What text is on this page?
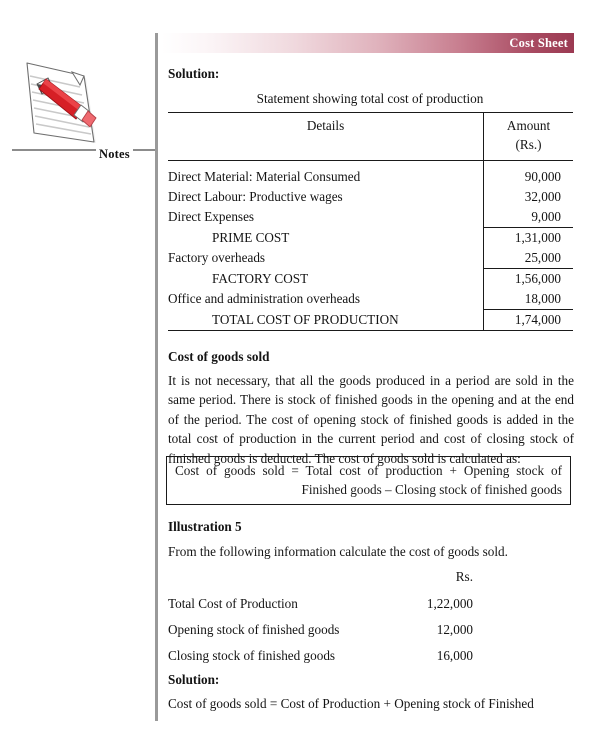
Notes
Cost Sheet
Solution:
Statement showing total cost of production
Details	Amount
	(Rs.)

Direct Material: Material Consumed	90,000
Direct Labour: Productive wages	32,000
Direct Expenses	9,000
PRIME COST	1,31,000
Factory overheads	25,000
FACTORY COST	1,56,000
Office and administration overheads	18,000
TOTAL COST OF PRODUCTION	1,74,000
Cost of goods sold
It is not necessary, that all the goods produced in a period are sold in the same period. There is stock of finished goods in the opening and at the end of the period. The cost of opening stock of finished goods is added in the total cost of production in the current period and cost of closing stock of finished goods is deducted. The cost of goods sold is calculated as:
Cost of goods sold = Total cost of production + Opening stock of
Finished goods – Closing stock of finished goods
Illustration 5
From the following information calculate the cost of goods sold.
Rs.
Total Cost of Production	1,22,000
Opening stock of finished goods	12,000
Closing stock of finished goods	16,000
Solution:
Cost of goods sold = Cost of Production + Opening stock of Finished
